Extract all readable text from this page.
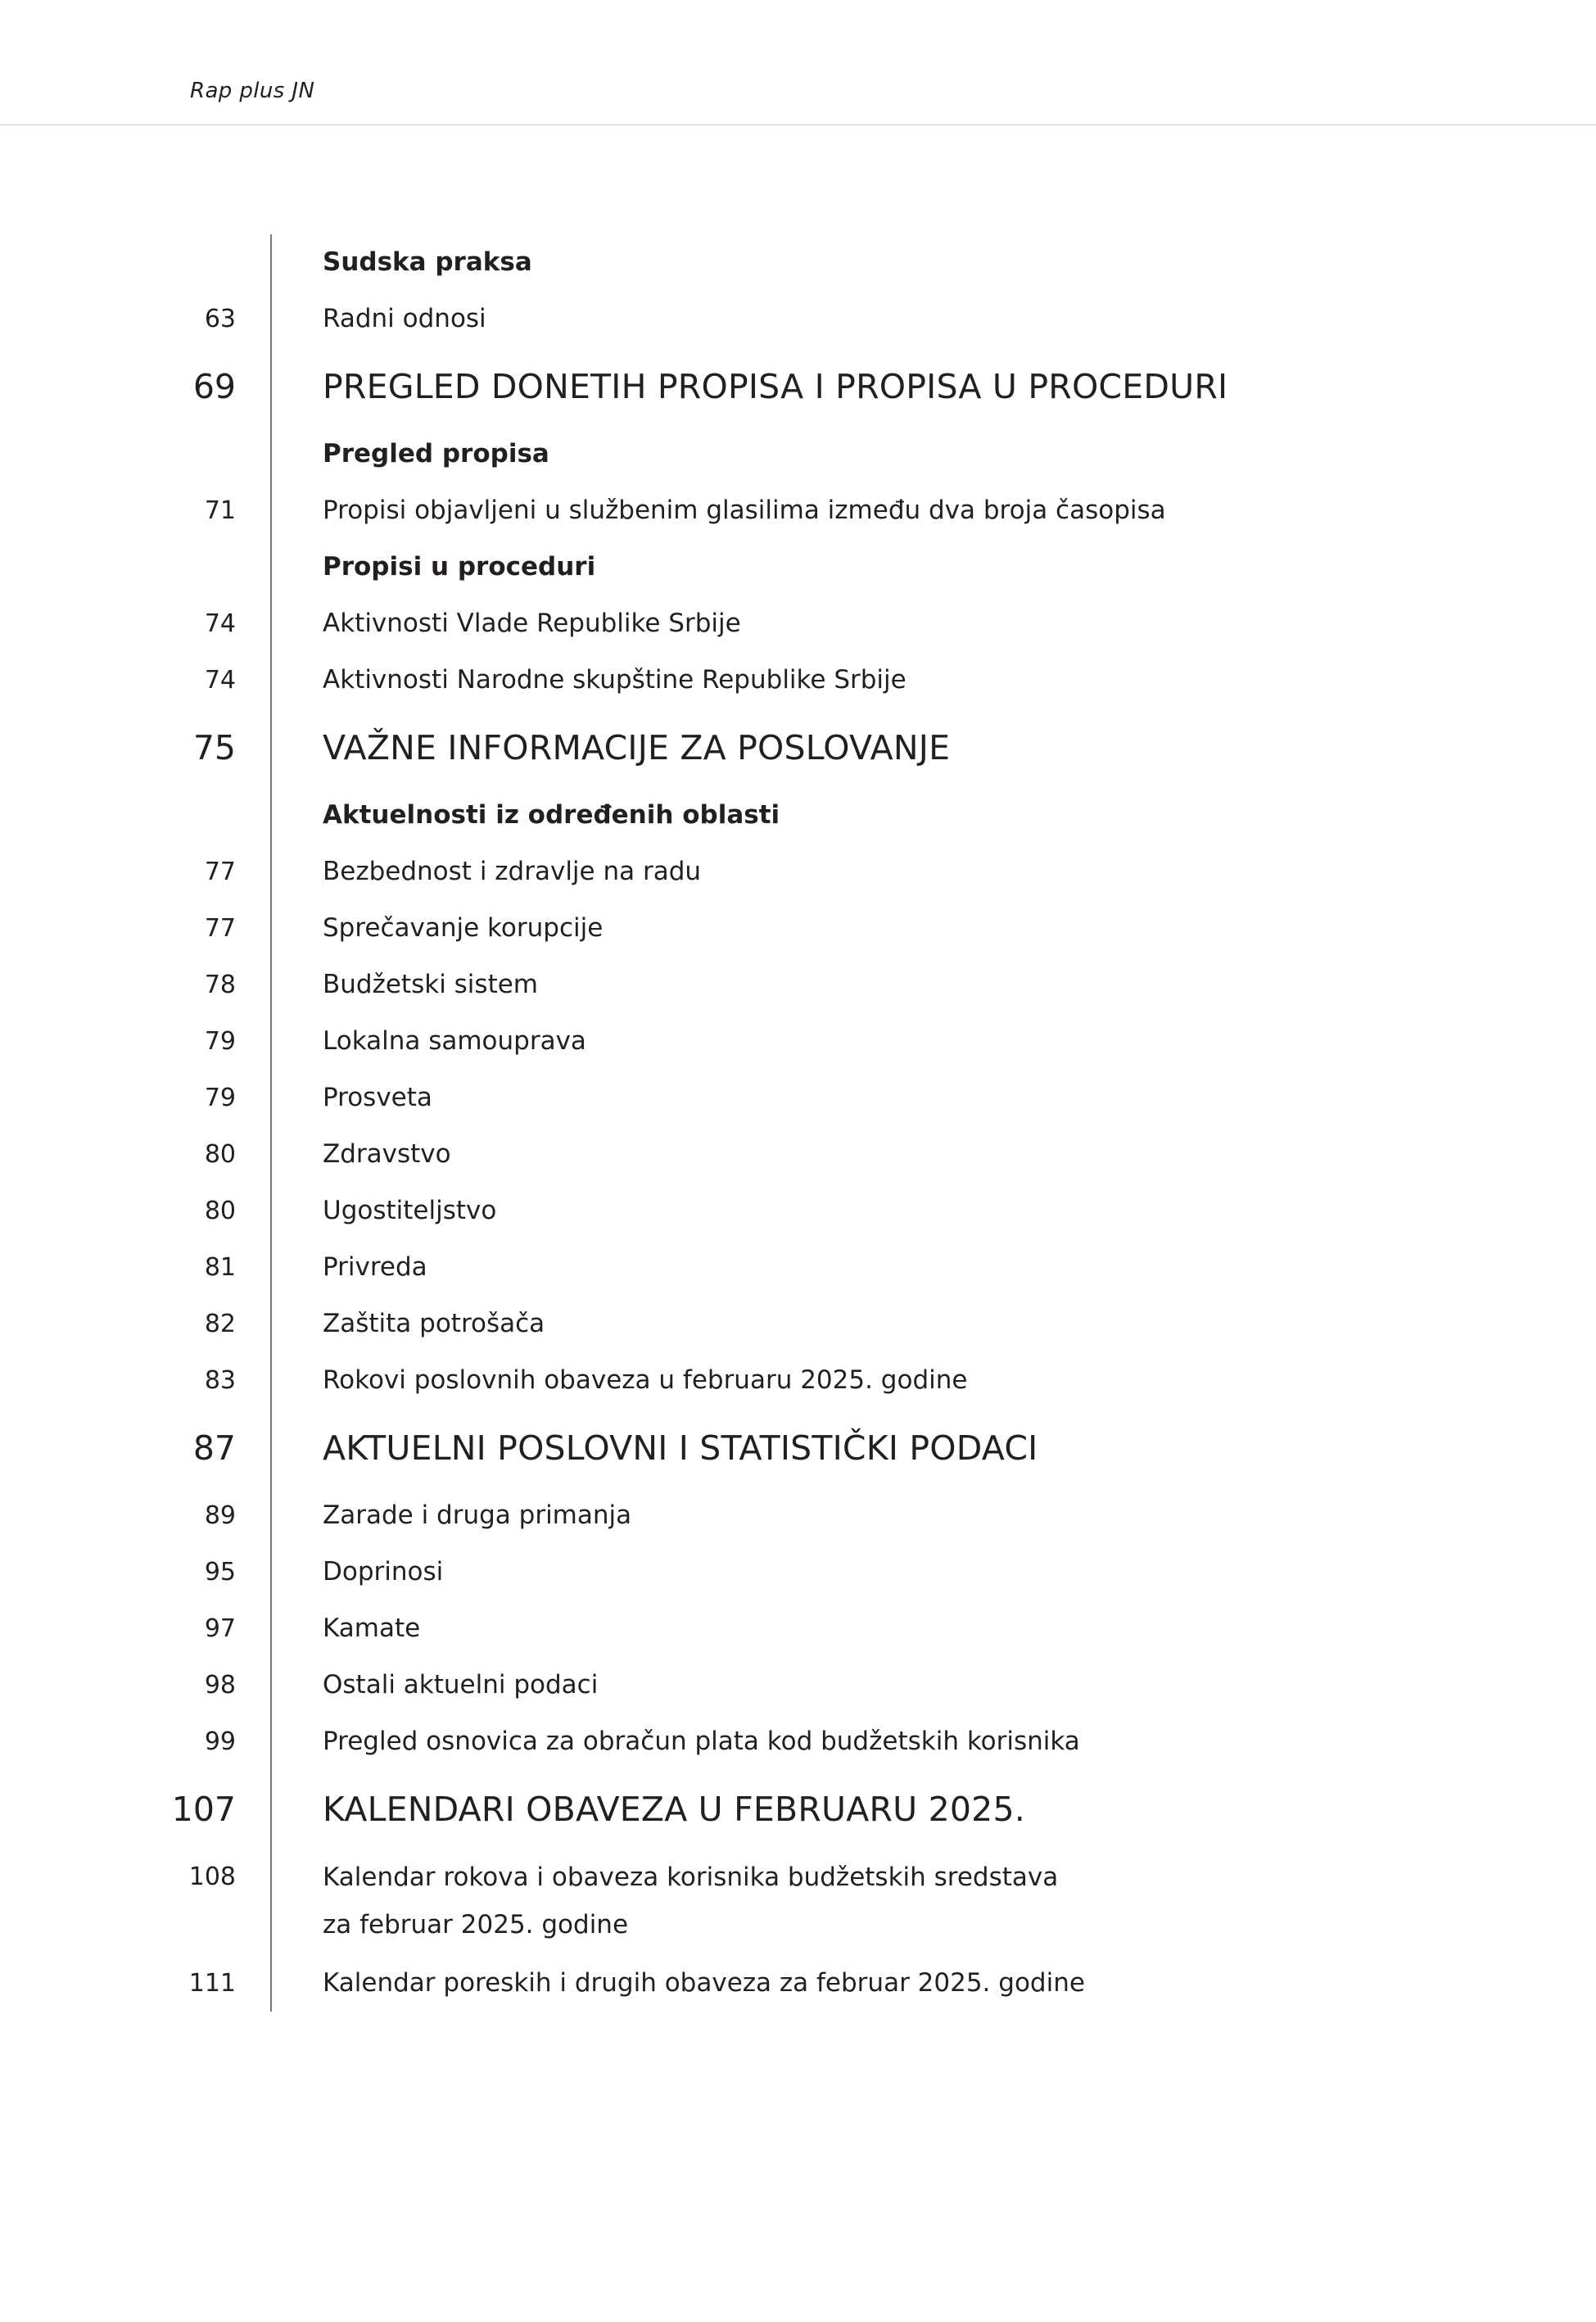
Rap plus JN
Sudska praksa
63	Radni odnosi
69	PREGLED DONETIH PROPISA I PROPISA U PROCEDURI
Pregled propisa
71	Propisi objavljeni u službenim glasilima između dva broja časopisa
Propisi u proceduri
74	Aktivnosti Vlade Republike Srbije
74	Aktivnosti Narodne skupštine Republike Srbije
75	VAŽNE INFORMACIJE ZA POSLOVANJE
Aktuelnosti iz određenih oblasti
77	Bezbednost i zdravlje na radu
77	Sprečavanje korupcije
78	Budžetski sistem
79	Lokalna samouprava
79	Prosveta
80	Zdravstvo
80	Ugostiteljstvo
81	Privreda
82	Zaštita potrošača
83	Rokovi poslovnih obaveza u februaru 2025. godine
87	AKTUELNI POSLOVNI I STATISTIČKI PODACI
89	Zarade i druga primanja
95	Doprinosi
97	Kamate
98	Ostali aktuelni podaci
99	Pregled osnovica za obračun plata kod budžetskih korisnika
107	KALENDARI OBAVEZA U FEBRUARU 2025.
108	Kalendar rokova i obaveza korisnika budžetskih sredstava
za februar 2025. godine
111	Kalendar poreskih i drugih obaveza za februar 2025. godine
